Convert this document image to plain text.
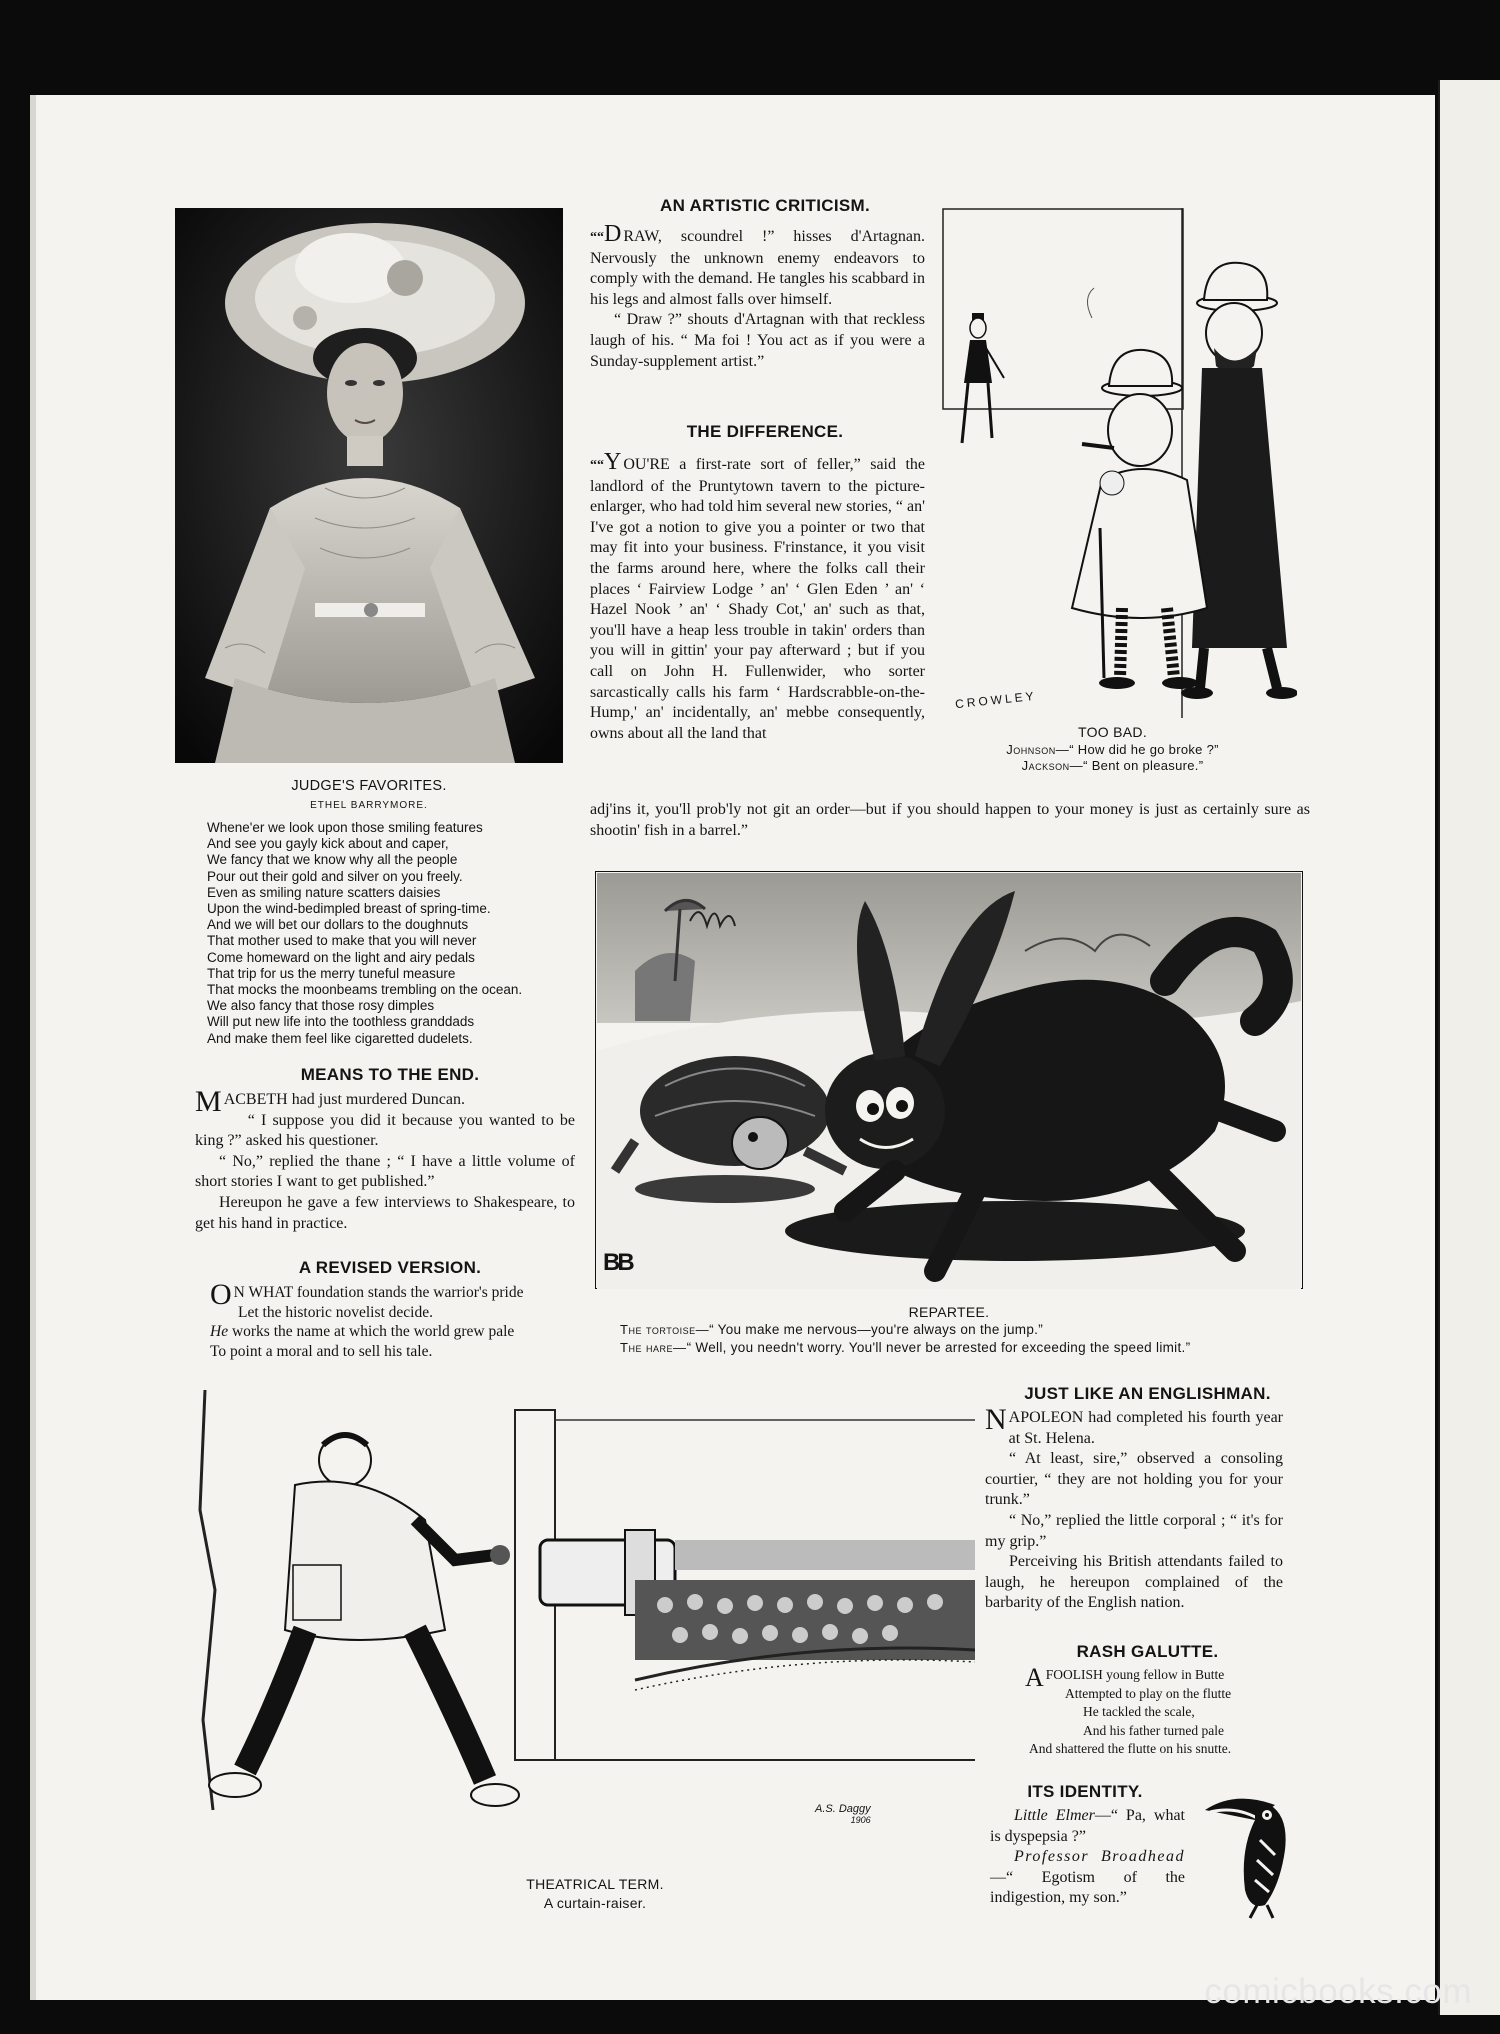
JUDGE'S FAVORITES.
ETHEL BARRYMORE.
Whene'er we look upon those smiling features
And see you gayly kick about and caper,
We fancy that we know why all the people
Pour out their gold and silver on you freely.
Even as smiling nature scatters daisies
Upon the wind-bedimpled breast of spring-time.
And we will bet our dollars to the doughnuts
That mother used to make that you will never
Come homeward on the light and airy pedals
That trip for us the merry tuneful measure
That mocks the moonbeams trembling on the ocean.
We also fancy that those rosy dimples
Will put new life into the toothless granddads
And make them feel like cigaretted dudelets.
AN ARTISTIC CRITICISM.

““D RAW, scoundrel !” hisses d'Artagnan. Nervously the unknown enemy endeavors to comply with the demand. He tangles his scabbard in his legs and almost falls over himself.

“ Draw ?” shouts d'Artagnan with that reckless laugh of his. “ Ma foi ! You act as if you were a Sunday-supplement artist.”

THE DIFFERENCE.

““Y OU'RE a first-rate sort of feller,” said the landlord of the Pruntytown tavern to the picture-enlarger, who had told him several new stories, “ an' I've got a notion to give you a pointer or two that may fit into your business. F'rinstance, it you visit the farms around here, where the folks call their places ‘ Fairview Lodge ’ an' ‘ Glen Eden ’ an' ‘ Hazel Nook ’ an' ‘ Shady Cot,' an' such as that, you'll have a heap less trouble in takin' orders than you will in gittin' your pay afterward ; but if you call on John H. Fullenwider, who sorter sarcastically calls his farm ‘ Hardscrabble-on-the-Hump,' an' incidentally, an' mebbe consequently, owns about all the land that

adj'ins it, you'll prob'ly not git an order—but if you should happen to your money is just as certainly sure as shootin' fish in a barrel.”
CROWLEY
TOO BAD.
Johnson—“ How did he go broke ?”
Jackson—“ Bent on pleasure.”
MEANS TO THE END.

MACBETH had just murdered Duncan.

“ I suppose you did it because you wanted to be king ?” asked his questioner.

“ No,” replied the thane ; “ I have a little volume of short stories I want to get published.”

Hereupon he gave a few interviews to Shakespeare, to get his hand in practice.

A REVISED VERSION.
O N WHAT foundation stands the warrior's pride
Let the historic novelist decide.
He works the name at which the world grew pale
To point a moral and to sell his tale.
BB
REPARTEE.
The tortoise—“ You make me nervous—you're always on the jump.”
The hare—“ Well, you needn't worry. You'll never be arrested for exceeding the speed limit.”
A.S. Daggy
1906
THEATRICAL TERM.
A curtain-raiser.
JUST LIKE AN ENGLISHMAN.

NAPOLEON had completed his fourth year at St. Helena.

“ At least, sire,” observed a consoling courtier, “ they are not holding you for your trunk.”

“ No,” replied the little corporal ; “ it's for my grip.”

Perceiving his British attendants failed to laugh, he hereupon complained of the barbarity of the English nation.

RASH GALUTTE.
AFOOLISH young fellow in Butte
Attempted to play on the flutte
He tackled the scale,
And his father turned pale
And shattered the flutte on his snutte.
ITS IDENTITY.

Little Elmer—“ Pa, what is dyspepsia ?”

Professor Broadhead—“ Egotism of the indigestion, my son.”

comicbooks.com
